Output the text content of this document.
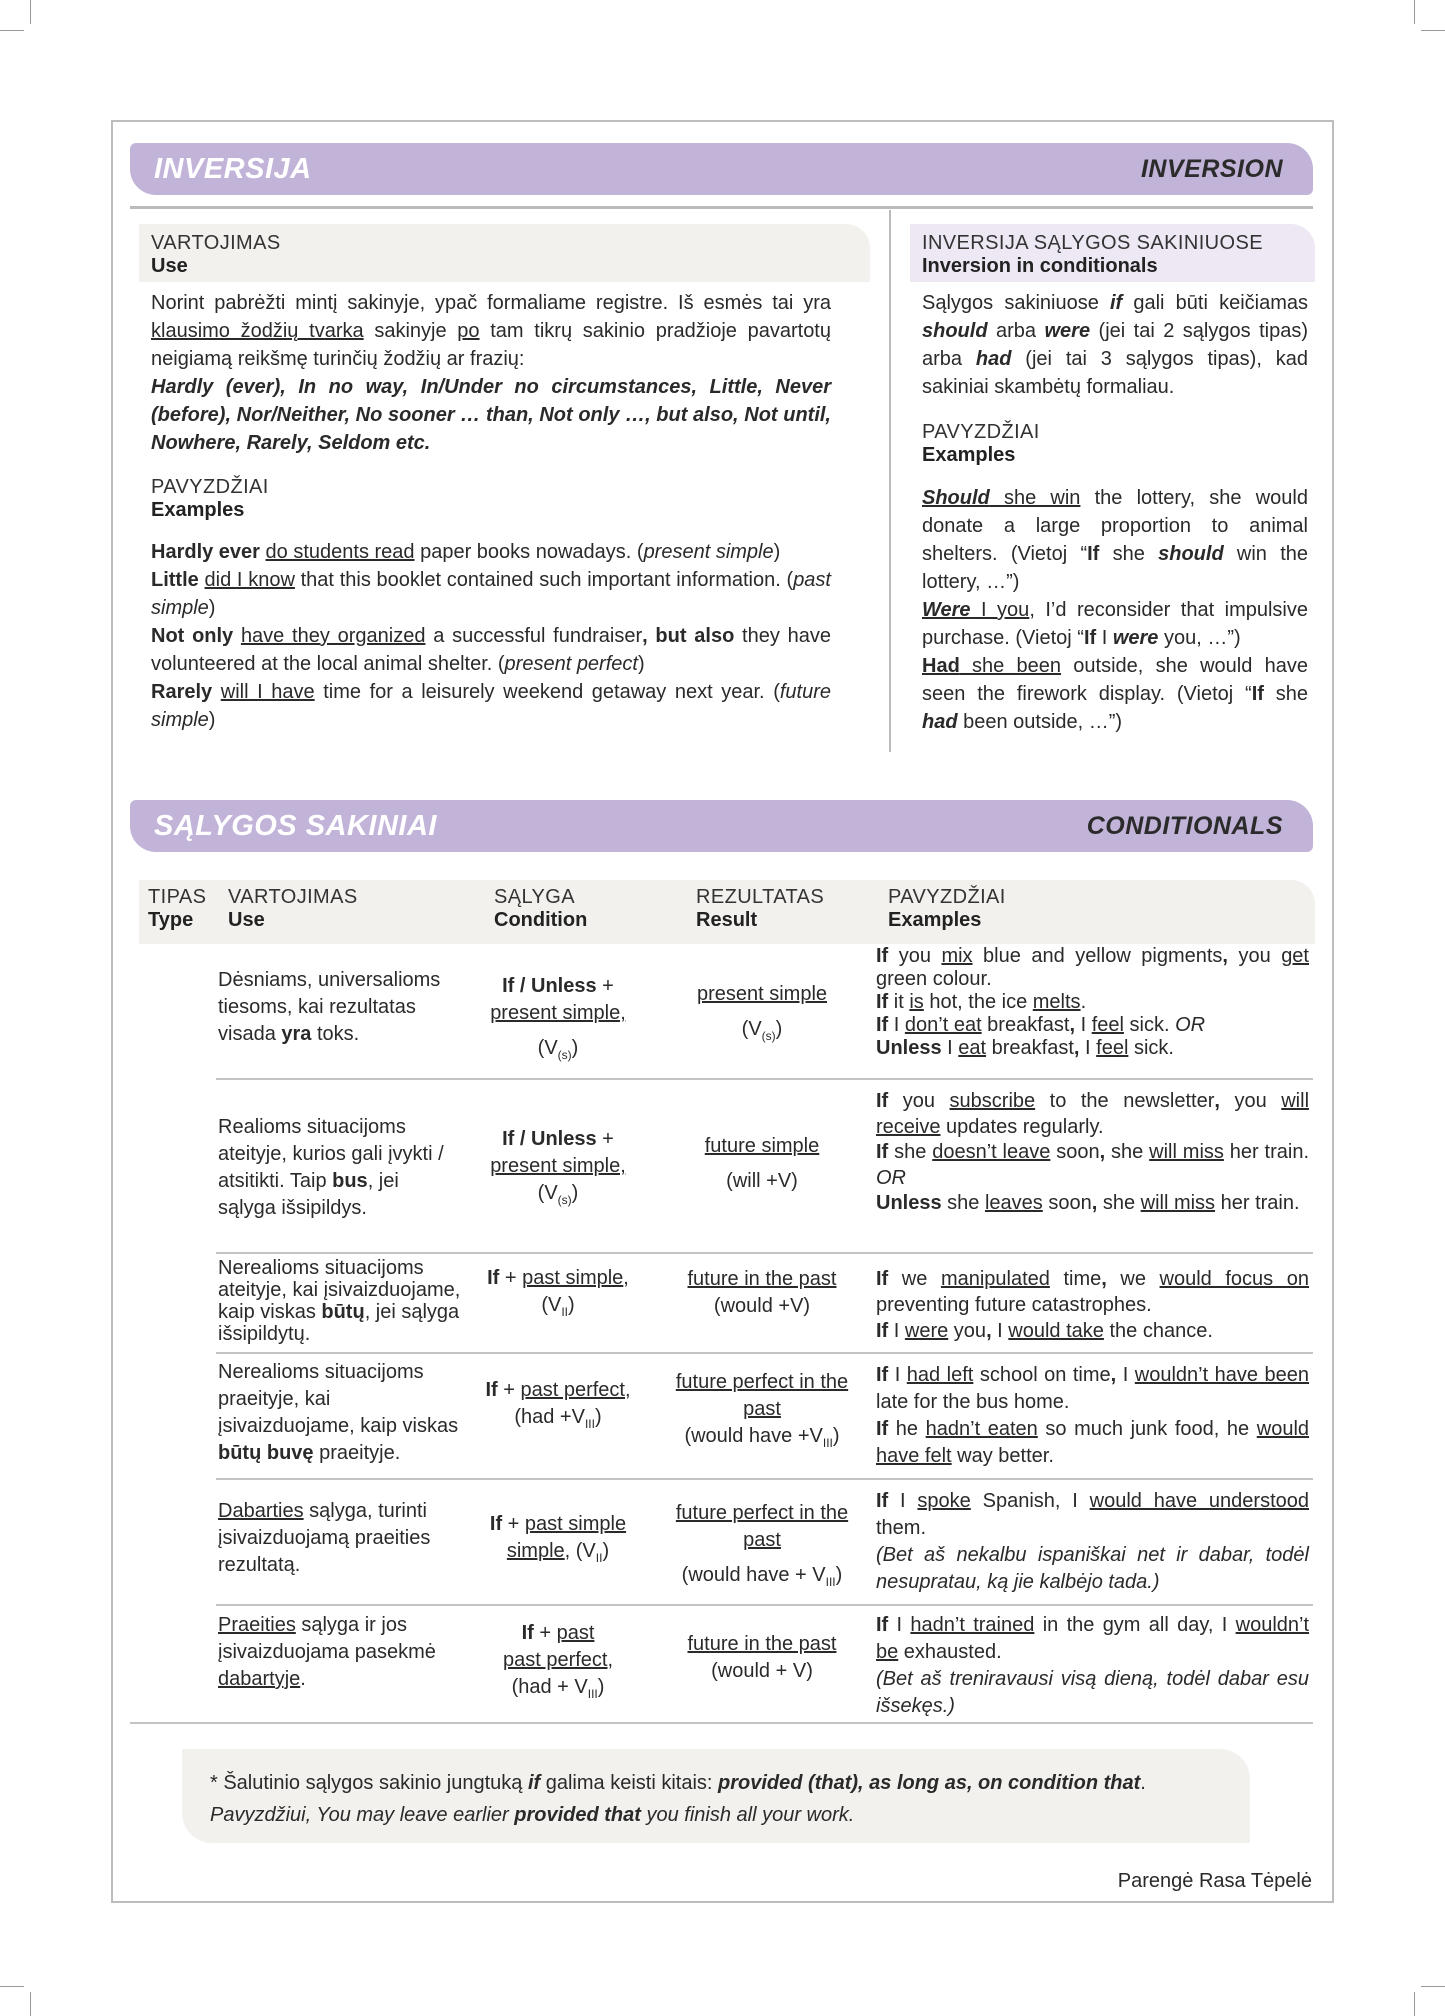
INVERSIJA	INVERSION
VARTOJIMAS
Use
Norint pabrėžti mintį sakinyje, ypač formaliame registre. Iš esmės tai yra klausimo žodžių tvarka sakinyje po tam tikrų sakinio pradžioje pavartotų neigiamą reikšmę turinčių žodžių ar frazių:
Hardly (ever), In no way, In/Under no circumstances, Little, Never (before), Nor/Neither, No sooner … than, Not only …, but also, Not until, Nowhere, Rarely, Seldom etc.
PAVYZDŽIAI
Examples
Hardly ever do students read paper books nowadays. (present simple)
Little did I know that this booklet contained such important information. (past simple)
Not only have they organized a successful fundraiser, but also they have volunteered at the local animal shelter. (present perfect)
Rarely will I have time for a leisurely weekend getaway next year. (future simple)
INVERSIJA SĄLYGOS SAKINIUOSE
Inversion in conditionals
Sąlygos sakiniuose if gali būti keičiamas should arba were (jei tai 2 sąlygos tipas) arba had (jei tai 3 sąlygos tipas), kad sakiniai skambėtų formaliau.
PAVYZDŽIAI
Examples
Should she win the lottery, she would donate a large proportion to animal shelters. (Vietoj “If she should win the lottery, …”)
Were I you, I’d reconsider that impulsive purchase. (Vietoj “If I were you, …”)
Had she been outside, she would have seen the firework display. (Vietoj “If she had been outside, …”)
SĄLYGOS SAKINIAI	CONDITIONALS
TIPAS
Type
VARTOJIMAS
Use
SĄLYGA
Condition
REZULTATAS
Result
PAVYZDŽIAI
Examples
Dėsniams, universalioms tiesoms, kai rezultatas visada yra toks.
If / Unless +
present simple,
$(V_{(s)})$
present simple
$(V_{(s)})$
If you mix blue and yellow pigments, you get green colour.
If it is hot, the ice melts.
If I don’t eat breakfast, I feel sick. OR
Unless I eat breakfast, I feel sick.
Realioms situacijoms ateityje, kurios gali įvykti / atsitikti. Taip bus, jei sąlyga išsipildys.
If / Unless +
present simple,
$(V_{(s)})$
future simple
(will +V)
If you subscribe to the newsletter, you will receive updates regularly.
If she doesn’t leave soon, she will miss her train. OR
Unless she leaves soon, she will miss her train.
Nerealioms situacijoms ateityje, kai įsivaizduojame, kaip viskas būtų, jei sąlyga išsipildytų.
If + past simple, $(V_{II})$
future in the past
(would +V)
If we manipulated time, we would focus on preventing future catastrophes.
If I were you, I would take the chance.
Nerealioms situacijoms praeityje, kai įsivaizduojame, kaip viskas būtų buvę praeityje.
If + past perfect,
$(had +V_{III})$
future perfect in the past
(would have $+V_{III}$)
If I had left school on time, I wouldn’t have been late for the bus home.
If he hadn’t eaten so much junk food, he would have felt way better.
Dabarties sąlyga, turinti įsivaizduojamą praeities rezultatą.
If + past simple
simple, $(V_{II})$
future perfect in the past
(would have + $V_{III}$)
If I spoke Spanish, I would have understood them.
(Bet aš nekalbu ispaniškai net ir dabar, todėl nesupratau, ką jie kalbėjo tada.)
Praeities sąlyga ir jos įsivaizduojama pasekmė dabartyje.
If + past
past perfect,
$(had + V_{III})$
future in the past
(would + V)
If I hadn’t trained in the gym all day, I wouldn’t be exhausted.
(Bet aš treniravausi visą dieną, todėl dabar esu išsekęs.)
* Šalutinio sąlygos sakinio jungtuką if galima keisti kitais: provided (that), as long as, on condition that.
Pavyzdžiui, You may leave earlier provided that you finish all your work.
Parengė Rasa Tėpelė
